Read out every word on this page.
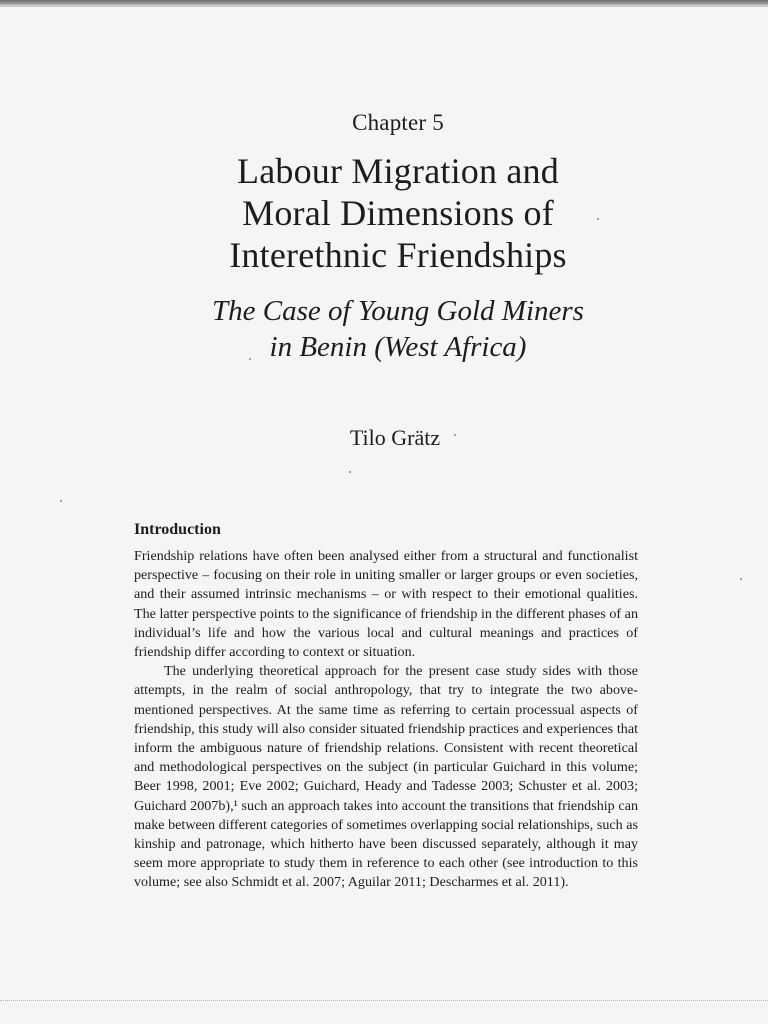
Chapter 5
Labour Migration and
Moral Dimensions of
Interethnic Friendships
The Case of Young Gold Miners
in Benin (West Africa)
Tilo Grätz
Introduction

Friendship relations have often been analysed either from a structural and functionalist perspective – focusing on their role in uniting smaller or larger groups or even societies, and their assumed intrinsic mechanisms – or with respect to their emotional qualities. The latter perspective points to the significance of friendship in the different phases of an individual’s life and how the various local and cultural meanings and practices of friendship differ according to context or situation.

The underlying theoretical approach for the present case study sides with those attempts, in the realm of social anthropology, that try to integrate the two above-mentioned perspectives. At the same time as referring to certain processual aspects of friendship, this study will also consider situated friendship practices and experiences that inform the ambiguous nature of friendship relations. Consistent with recent theoretical and methodological perspectives on the subject (in particular Guichard in this volume; Beer 1998, 2001; Eve 2002; Guichard, Heady and Tadesse 2003; Schuster et al. 2003; Guichard 2007b),¹ such an approach takes into account the transitions that friendship can make between different categories of sometimes overlapping social relationships, such as kinship and patronage, which hitherto have been discussed separately, although it may seem more appropriate to study them in reference to each other (see introduction to this volume; see also Schmidt et al. 2007; Aguilar 2011; Descharmes et al. 2011).
